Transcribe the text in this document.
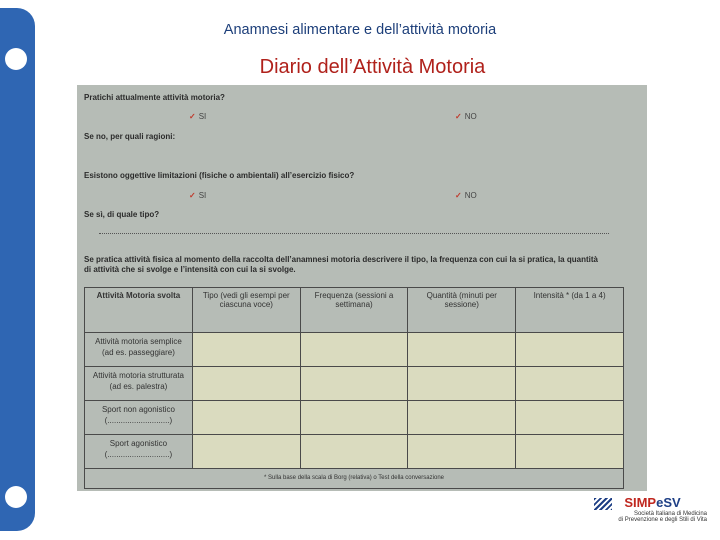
Anamnesi alimentare e dell’attività motoria
Diario dell’Attività Motoria
Pratichi attualmente attività motoria?
✓ SI	✓ NO
Se no, per quali ragioni:
Esistono oggettive limitazioni (fisiche o ambientali) all’esercizio fisico?
✓ SI	✓ NO
Se sì, di quale tipo?
Se pratica attività fisica al momento della raccolta dell’anamnesi motoria descrivere il tipo, la frequenza con cui la si pratica, la quantità
di attività che si svolge e l’intensità con cui la si svolge.
Attività Motoria svolta	Tipo (vedi gli esempi per ciascuna voce)	Frequenza (sessioni a settimana)	Quantità (minuti per sessione)	Intensità * (da 1 a 4)

Attività motoria semplice
(ad es. passeggiare)				

Attività motoria strutturata
(ad es. palestra)				

Sport non agonistico
(............................)				

Sport agonistico
(............................)				

* Sulla base della scala di Borg (relativa) o Test della conversazione
SIMPeSV
Società Italiana di Medicina
di Prevenzione e degli Stili di Vita
